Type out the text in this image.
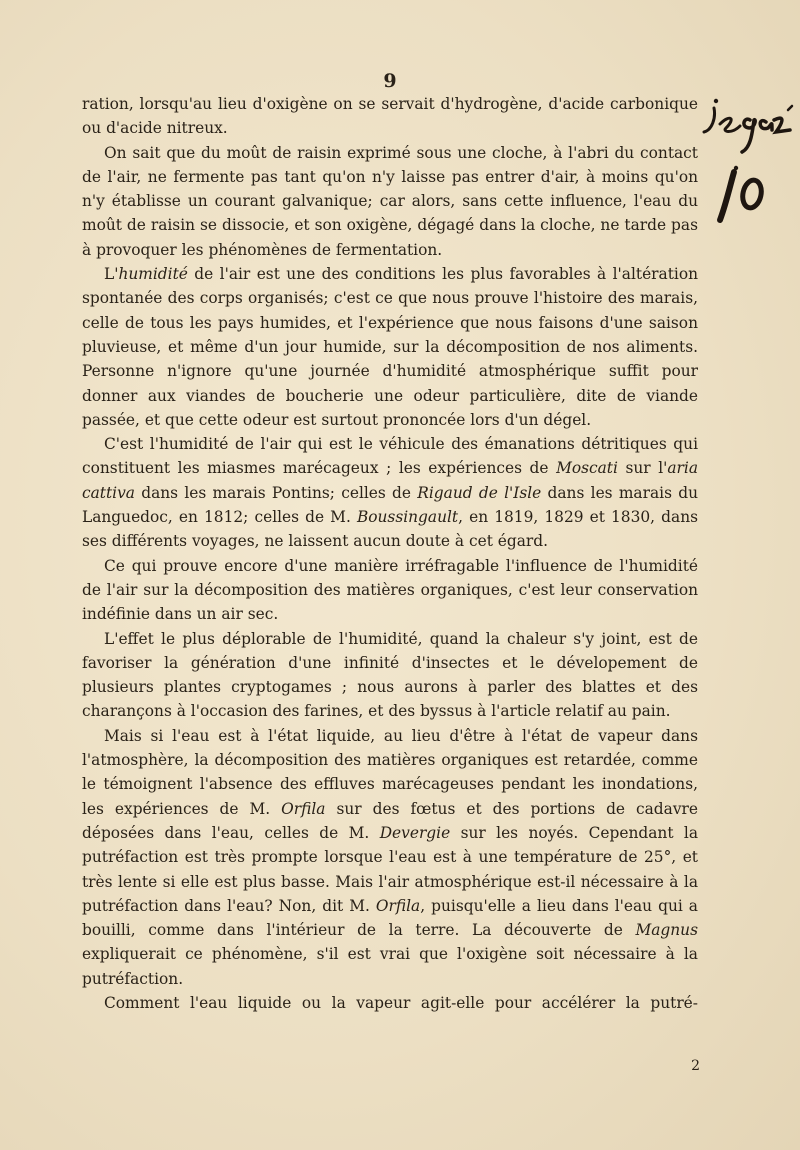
9

ration, lorsqu'au lieu d'oxigène on se servait d'hydrogène, d'acide carbonique ou d'acide nitreux.

On sait que du moût de raisin exprimé sous une cloche, à l'abri du contact de l'air, ne fermente pas tant qu'on n'y laisse pas entrer d'air, à moins qu'on n'y établisse un courant galvanique; car alors, sans cette influence, l'eau du moût de raisin se dissocie, et son oxigène, dégagé dans la cloche, ne tarde pas à provoquer les phénomènes de fermentation.

L'humidité de l'air est une des conditions les plus favorables à l'altération spontanée des corps organisés; c'est ce que nous prouve l'histoire des marais, celle de tous les pays humides, et l'expérience que nous faisons d'une saison pluvieuse, et même d'un jour humide, sur la décomposition de nos aliments. Personne n'ignore qu'une journée d'humidité atmosphérique suffit pour donner aux viandes de boucherie une odeur particulière, dite de viande passée, et que cette odeur est surtout prononcée lors d'un dégel.

C'est l'humidité de l'air qui est le véhicule des émanations détritiques qui constituent les miasmes marécageux ; les expériences de Moscati sur l'aria cattiva dans les marais Pontins; celles de Rigaud de l'Isle dans les marais du Languedoc, en 1812; celles de M. Boussingault, en 1819, 1829 et 1830, dans ses différents voyages, ne laissent aucun doute à cet égard.

Ce qui prouve encore d'une manière irréfragable l'influence de l'humidité de l'air sur la décomposition des matières organiques, c'est leur conservation indéfinie dans un air sec.

L'effet le plus déplorable de l'humidité, quand la chaleur s'y joint, est de favoriser la génération d'une infinité d'insectes et le dévelopement de plusieurs plantes cryptogames ; nous aurons à parler des blattes et des charançons à l'occasion des farines, et des byssus à l'article relatif au pain.

Mais si l'eau est à l'état liquide, au lieu d'être à l'état de vapeur dans l'atmosphère, la décomposition des matières organiques est retardée, comme le témoignent l'absence des effluves marécageuses pendant les inondations, les expériences de M. Orfila sur des fœtus et des portions de cadavre déposées dans l'eau, celles de M. Devergie sur les noyés. Cependant la putréfaction est très prompte lorsque l'eau est à une température de 25°, et très lente si elle est plus basse. Mais l'air atmosphérique est-il nécessaire à la putréfaction dans l'eau? Non, dit M. Orfila, puisqu'elle a lieu dans l'eau qui a bouilli, comme dans l'intérieur de la terre. La découverte de Magnus expliquerait ce phénomène, s'il est vrai que l'oxigène soit nécessaire à la putréfaction.

Comment l'eau liquide ou la vapeur agit-elle pour accélérer la putré-

2
